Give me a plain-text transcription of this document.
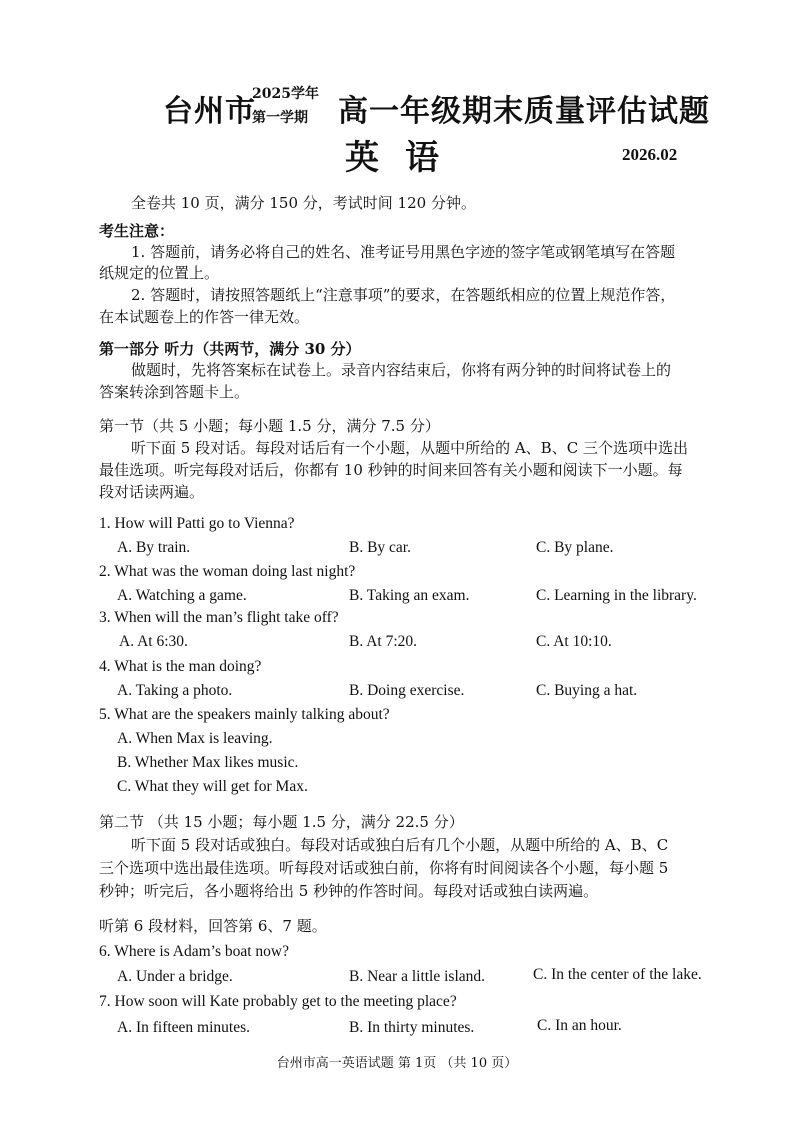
台州市
2025学年
第一学期 高一年级期末质量评估试题
英语	2026.02
全卷共 10 页，满分 150 分，考试时间 120 分钟。
考生注意：
1. 答题前，请务必将自己的姓名、准考证号用黑色字迹的签字笔或钢笔填写在答题
纸规定的位置上。
2. 答题时，请按照答题纸上“注意事项”的要求，在答题纸相应的位置上规范作答，
在本试题卷上的作答一律无效。
第一部分 听力（共两节，满分 30 分）
做题时，先将答案标在试卷上。录音内容结束后，你将有两分钟的时间将试卷上的
答案转涂到答题卡上。
第一节（共 5 小题；每小题 1.5 分，满分 7.5 分）
听下面 5 段对话。每段对话后有一个小题，从题中所给的 A、B、C 三个选项中选出
最佳选项。听完每段对话后，你都有 10 秒钟的时间来回答有关小题和阅读下一小题。每
段对话读两遍。
1. How will Patti go to Vienna?
A. By train.	B. By car.	C. By plane.
2. What was the woman doing last night?
A. Watching a game.	B. Taking an exam.	C. Learning in the library.
3. When will the man’s flight take off?
A. At 6:30.	B. At 7:20.	C. At 10:10.
4. What is the man doing?
A. Taking a photo.	B. Doing exercise.	C. Buying a hat.
5. What are the speakers mainly talking about?
A. When Max is leaving.
B. Whether Max likes music.
C. What they will get for Max.
第二节 （共 15 小题；每小题 1.5 分，满分 22.5 分）
听下面 5 段对话或独白。每段对话或独白后有几个小题，从题中所给的 A、B、C
三个选项中选出最佳选项。听每段对话或独白前，你将有时间阅读各个小题，每小题 5
秒钟；听完后，各小题将给出 5 秒钟的作答时间。每段对话或独白读两遍。
听第 6 段材料，回答第 6、7 题。
6. Where is Adam’s boat now?
A. Under a bridge.	B. Near a little island.	C. In the center of the lake.
7. How soon will Kate probably get to the meeting place?
A. In fifteen minutes.	B. In thirty minutes.	C. In an hour.
台州市高一英语试题 第 1页 （共 10 页）
